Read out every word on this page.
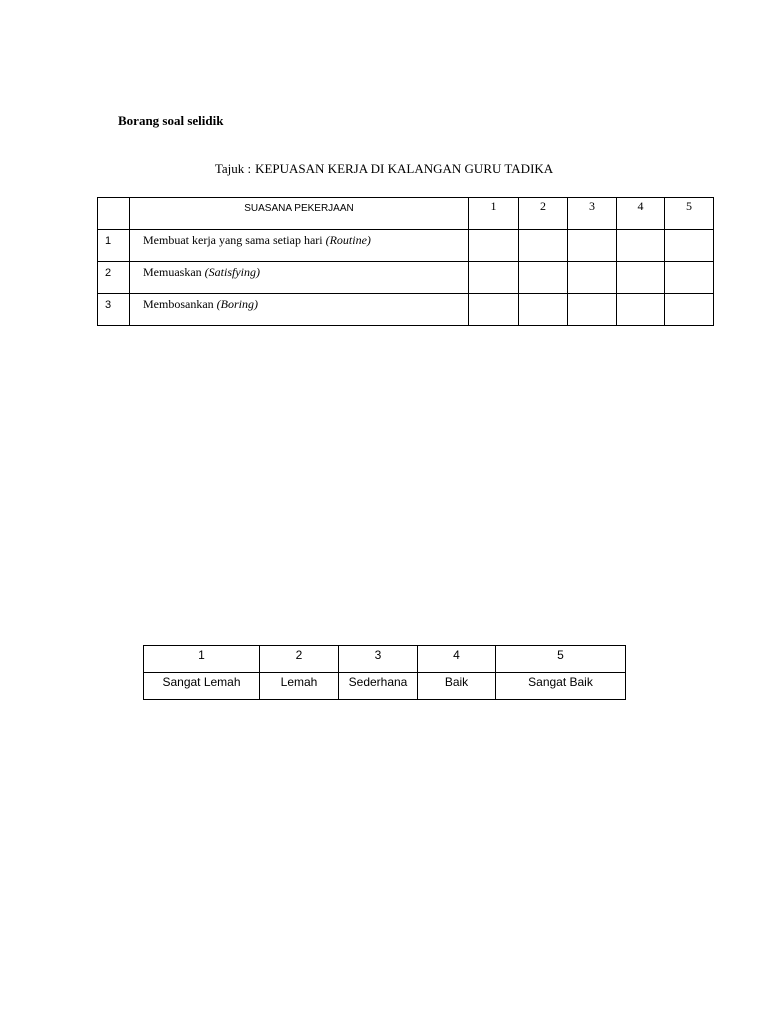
Borang soal selidik
Tajuk : KEPUASAN KERJA DI KALANGAN GURU TADIKA
	SUASANA PEKERJAAN	1	2	3	4	5
1	Membuat kerja yang sama setiap hari (Routine)					
2	Memuaskan (Satisfying)					
3	Membosankan (Boring)					
1	2	3	4	5
Sangat Lemah	Lemah	Sederhana	Baik	Sangat Baik
